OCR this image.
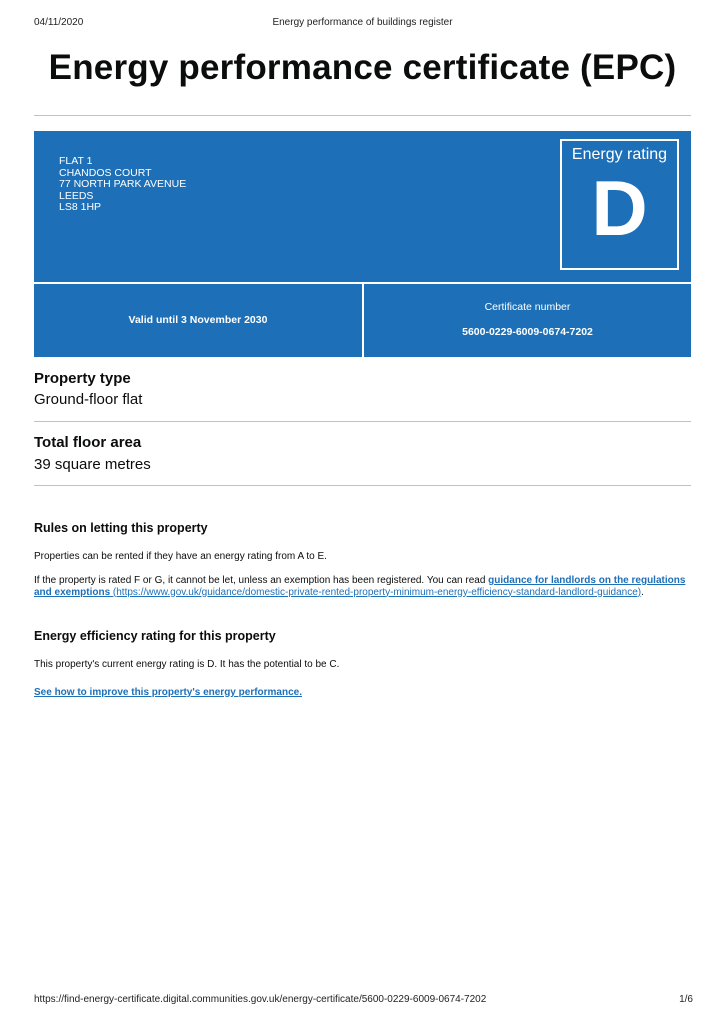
04/11/2020	Energy performance of buildings register
Energy performance certificate (EPC)
FLAT 1
CHANDOS COURT
77 NORTH PARK AVENUE
LEEDS
LS8 1HP
Energy rating
D
Valid until 3 November 2030
Certificate number
5600-0229-6009-0674-7202
Property type
Ground-floor flat
Total floor area
39 square metres
Rules on letting this property
Properties can be rented if they have an energy rating from A to E.
If the property is rated F or G, it cannot be let, unless an exemption has been registered. You can read guidance for landlords on the regulations and exemptions (https://www.gov.uk/guidance/domestic-private-rented-property-minimum-energy-efficiency-standard-landlord-guidance).
Energy efficiency rating for this property
This property's current energy rating is D. It has the potential to be C.
See how to improve this property's energy performance.
https://find-energy-certificate.digital.communities.gov.uk/energy-certificate/5600-0229-6009-0674-7202	1/6
